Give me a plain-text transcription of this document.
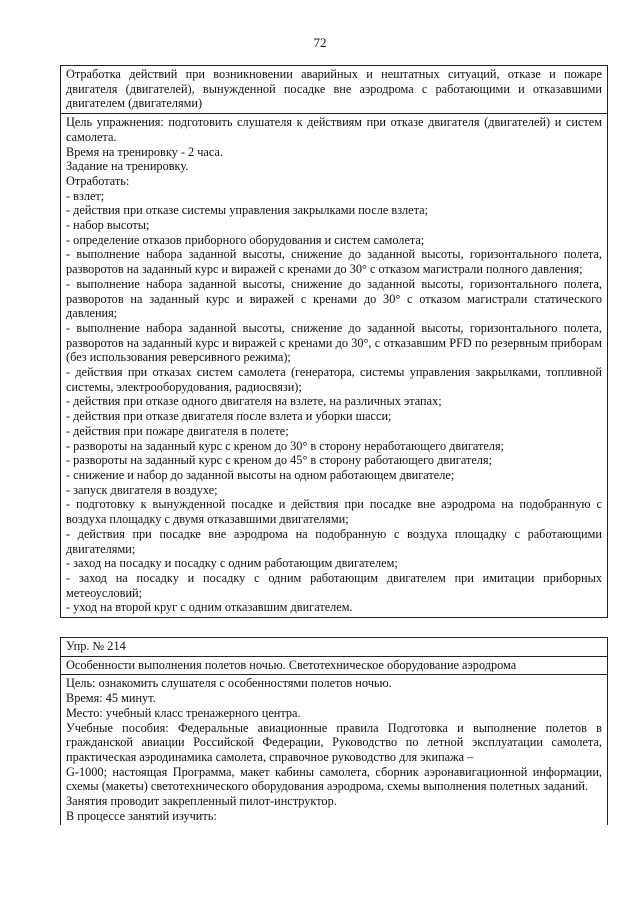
72

Отработка действий при возникновении аварийных и нештатных ситуаций, отказе и пожаре двигателя (двигателей), вынужденной посадке вне аэродрома с работающими и отказавшими двигателем (двигателями)

Цель упражнения: подготовить слушателя к действиям при отказе двигателя (двигателей) и систем самолета.

Время на тренировку - 2 часа.

Задание на тренировку.

Отработать:

- взлет;

- действия при отказе системы управления закрылками после взлета;

- набор высоты;

- определение отказов приборного оборудования и систем самолета;

- выполнение набора заданной высоты, снижение до заданной высоты, горизонтального полета, разворотов на заданный курс и виражей с кренами до 30° с отказом магистрали полного давления;

- выполнение набора заданной высоты, снижение до заданной высоты, горизонтального полета, разворотов на заданный курс и виражей с кренами до 30° с отказом магистрали статического давления;

- выполнение набора заданной высоты, снижение до заданной высоты, горизонтального полета, разворотов на заданный курс и виражей с кренами до 30°, с отказавшим PFD по резервным приборам (без использования реверсивного режима);

- действия при отказах систем самолета (генератора, системы управления закрылками, топливной системы, электрооборудования, радиосвязи);

- действия при отказе одного двигателя на взлете, на различных этапах;

- действия при отказе двигателя после взлета и уборки шасси;

- действия при пожаре двигателя в полете;

- развороты на заданный курс с креном до 30° в сторону неработающего двигателя;

- развороты на заданный курс с креном до 45° в сторону работающего двигателя;

- снижение и набор до заданной высоты на одном работающем двигателе;

- запуск двигателя в воздухе;

- подготовку к вынужденной посадке и действия при посадке вне аэродрома на подобранную с воздуха площадку с двумя отказавшими двигателями;

- действия при посадке вне аэродрома на подобранную с воздуха площадку с работающими двигателями;

- заход на посадку и посадку с одним работающим двигателем;

- заход на посадку и посадку с одним работающим двигателем при имитации приборных метеоусловий;

- уход на второй круг с одним отказавшим двигателем.

Упр. № 214

Особенности выполнения полетов ночью. Светотехническое оборудование аэродрома

Цель: ознакомить слушателя с особенностями полетов ночью.

Время: 45 минут.

Место: учебный класс тренажерного центра.

Учебные пособия: Федеральные авиационные правила Подготовка и выполнение полетов в гражданской авиации Российской Федерации, Руководство по летной эксплуатации самолета, практическая аэродинамика самолета, справочное руководство для экипажа –

G-1000; настоящая Программа, макет кабины самолета, сборник аэронавигационной информации, схемы (макеты) светотехнического оборудования аэродрома, схемы выполнения полетных заданий.

Занятия проводит закрепленный пилот-инструктор.

В процессе занятий изучить:
